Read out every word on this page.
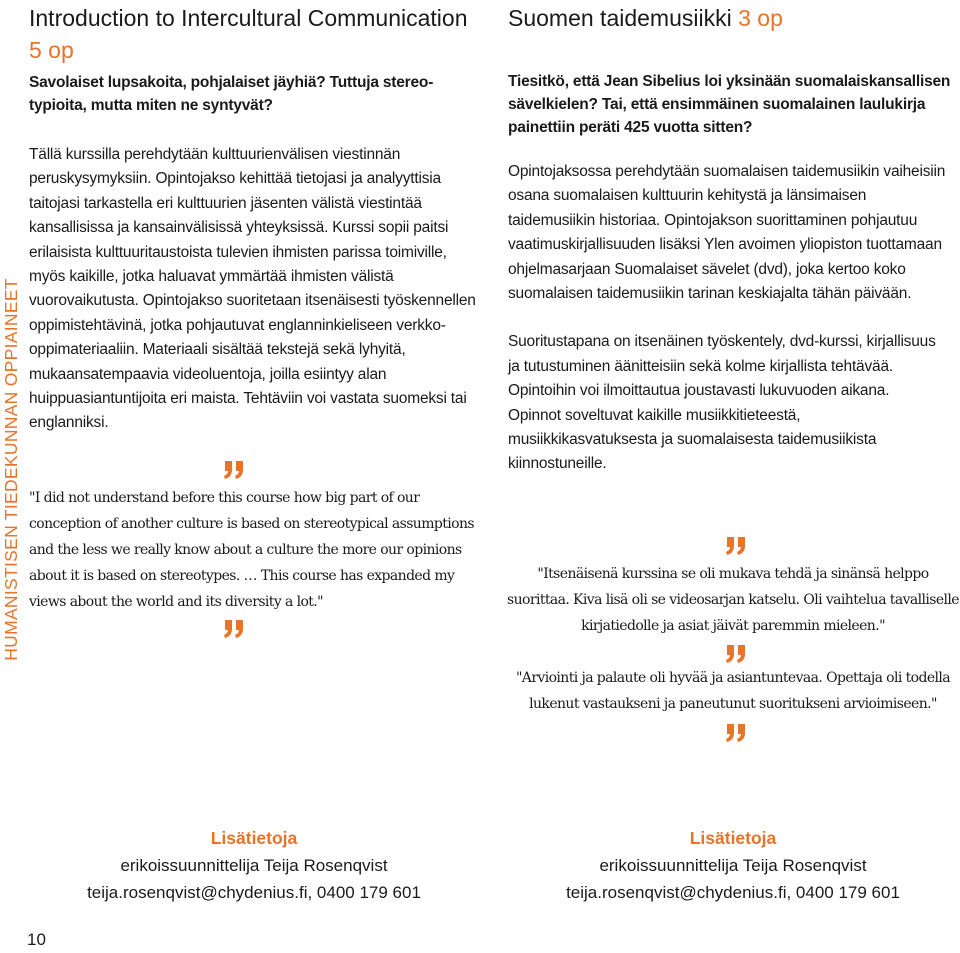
HUMANISTISEN TIEDEKUNNAN OPPIAINEET
Introduction to Intercultural Communication 5 op

Savolaiset lupsakoita, pohjalaiset jäyhiä? Tuttuja stereotypioita, mutta miten ne syntyvät?

Tällä kurssilla perehdytään kulttuurienvälisen viestinnän peruskysymyksiin. Opintojakso kehittää tietojasi ja analyyttisia taitojasi tarkastella eri kulttuurien jäsenten välistä viestintää kansallisissa ja kansainvälisissä yhteyksissä. Kurssi sopii paitsi erilaisista kulttuuritaustoista tulevien ihmisten parissa toimiville, myös kaikille, jotka haluavat ymmärtää ihmisten välistä vuorovaikutusta. Opintojakso suoritetaan itsenäisesti työskennellen oppimistehtävinä, jotka pohjautuvat englanninkieliseen verkko-oppimateriaaliin. Materiaali sisältää tekstejä sekä lyhyitä, mukaansatempaavia videoluentoja, joilla esiintyy alan huippuasiantuntijoita eri maista. Tehtäviin voi vastata suomeksi tai englanniksi.

"I did not understand before this course how big part of our conception of another culture is based on stereotypical assumptions and the less we really know about a culture the more our opinions about it is based on stereotypes. … This course has expanded my views about the world and its diversity a lot."

Suomen taidemusiikki 3 op

Tiesitkö, että Jean Sibelius loi yksinään suomalaiskansallisen sävelkielen? Tai, että ensimmäinen suomalainen laulukirja painettiin peräti 425 vuotta sitten?

Opintojaksossa perehdytään suomalaisen taidemusiikin vaiheisiin osana suomalaisen kulttuurin kehitystä ja länsimaisen taidemusiikin historiaa. Opintojakson suorittaminen pohjautuu vaatimuskirjallisuuden lisäksi Ylen avoimen yliopiston tuottamaan ohjelmasarjaan Suomalaiset sävelet (dvd), joka kertoo koko suomalaisen taidemusiikin tarinan keskiajalta tähän päivään.

Suoritustapana on itsenäinen työskentely, dvd-kurssi, kirjallisuus ja tutustuminen äänitteisiin sekä kolme kirjallista tehtävää. Opintoihin voi ilmoittautua joustavasti lukuvuoden aikana. Opinnot soveltuvat kaikille musiikkitieteestä, musiikkikasvatuksesta ja suomalaisesta taidemusiikista kiinnostuneille.

"Itsenäisenä kurssina se oli mukava tehdä ja sinänsä helppo suorittaa. Kiva lisä oli se videosarjan katselu. Oli vaihtelua tavalliselle kirjatiedolle ja asiat jäivät paremmin mieleen."

"Arviointi ja palaute oli hyvää ja asiantuntevaa. Opettaja oli todella lukenut vastaukseni ja paneutunut suoritukseni arvioimiseen."

Lisätietoja
erikoissuunnittelija Teija Rosenqvist
teija.rosenqvist@chydenius.fi, 0400 179 601
Lisätietoja
erikoissuunnittelija Teija Rosenqvist
teija.rosenqvist@chydenius.fi, 0400 179 601
10
